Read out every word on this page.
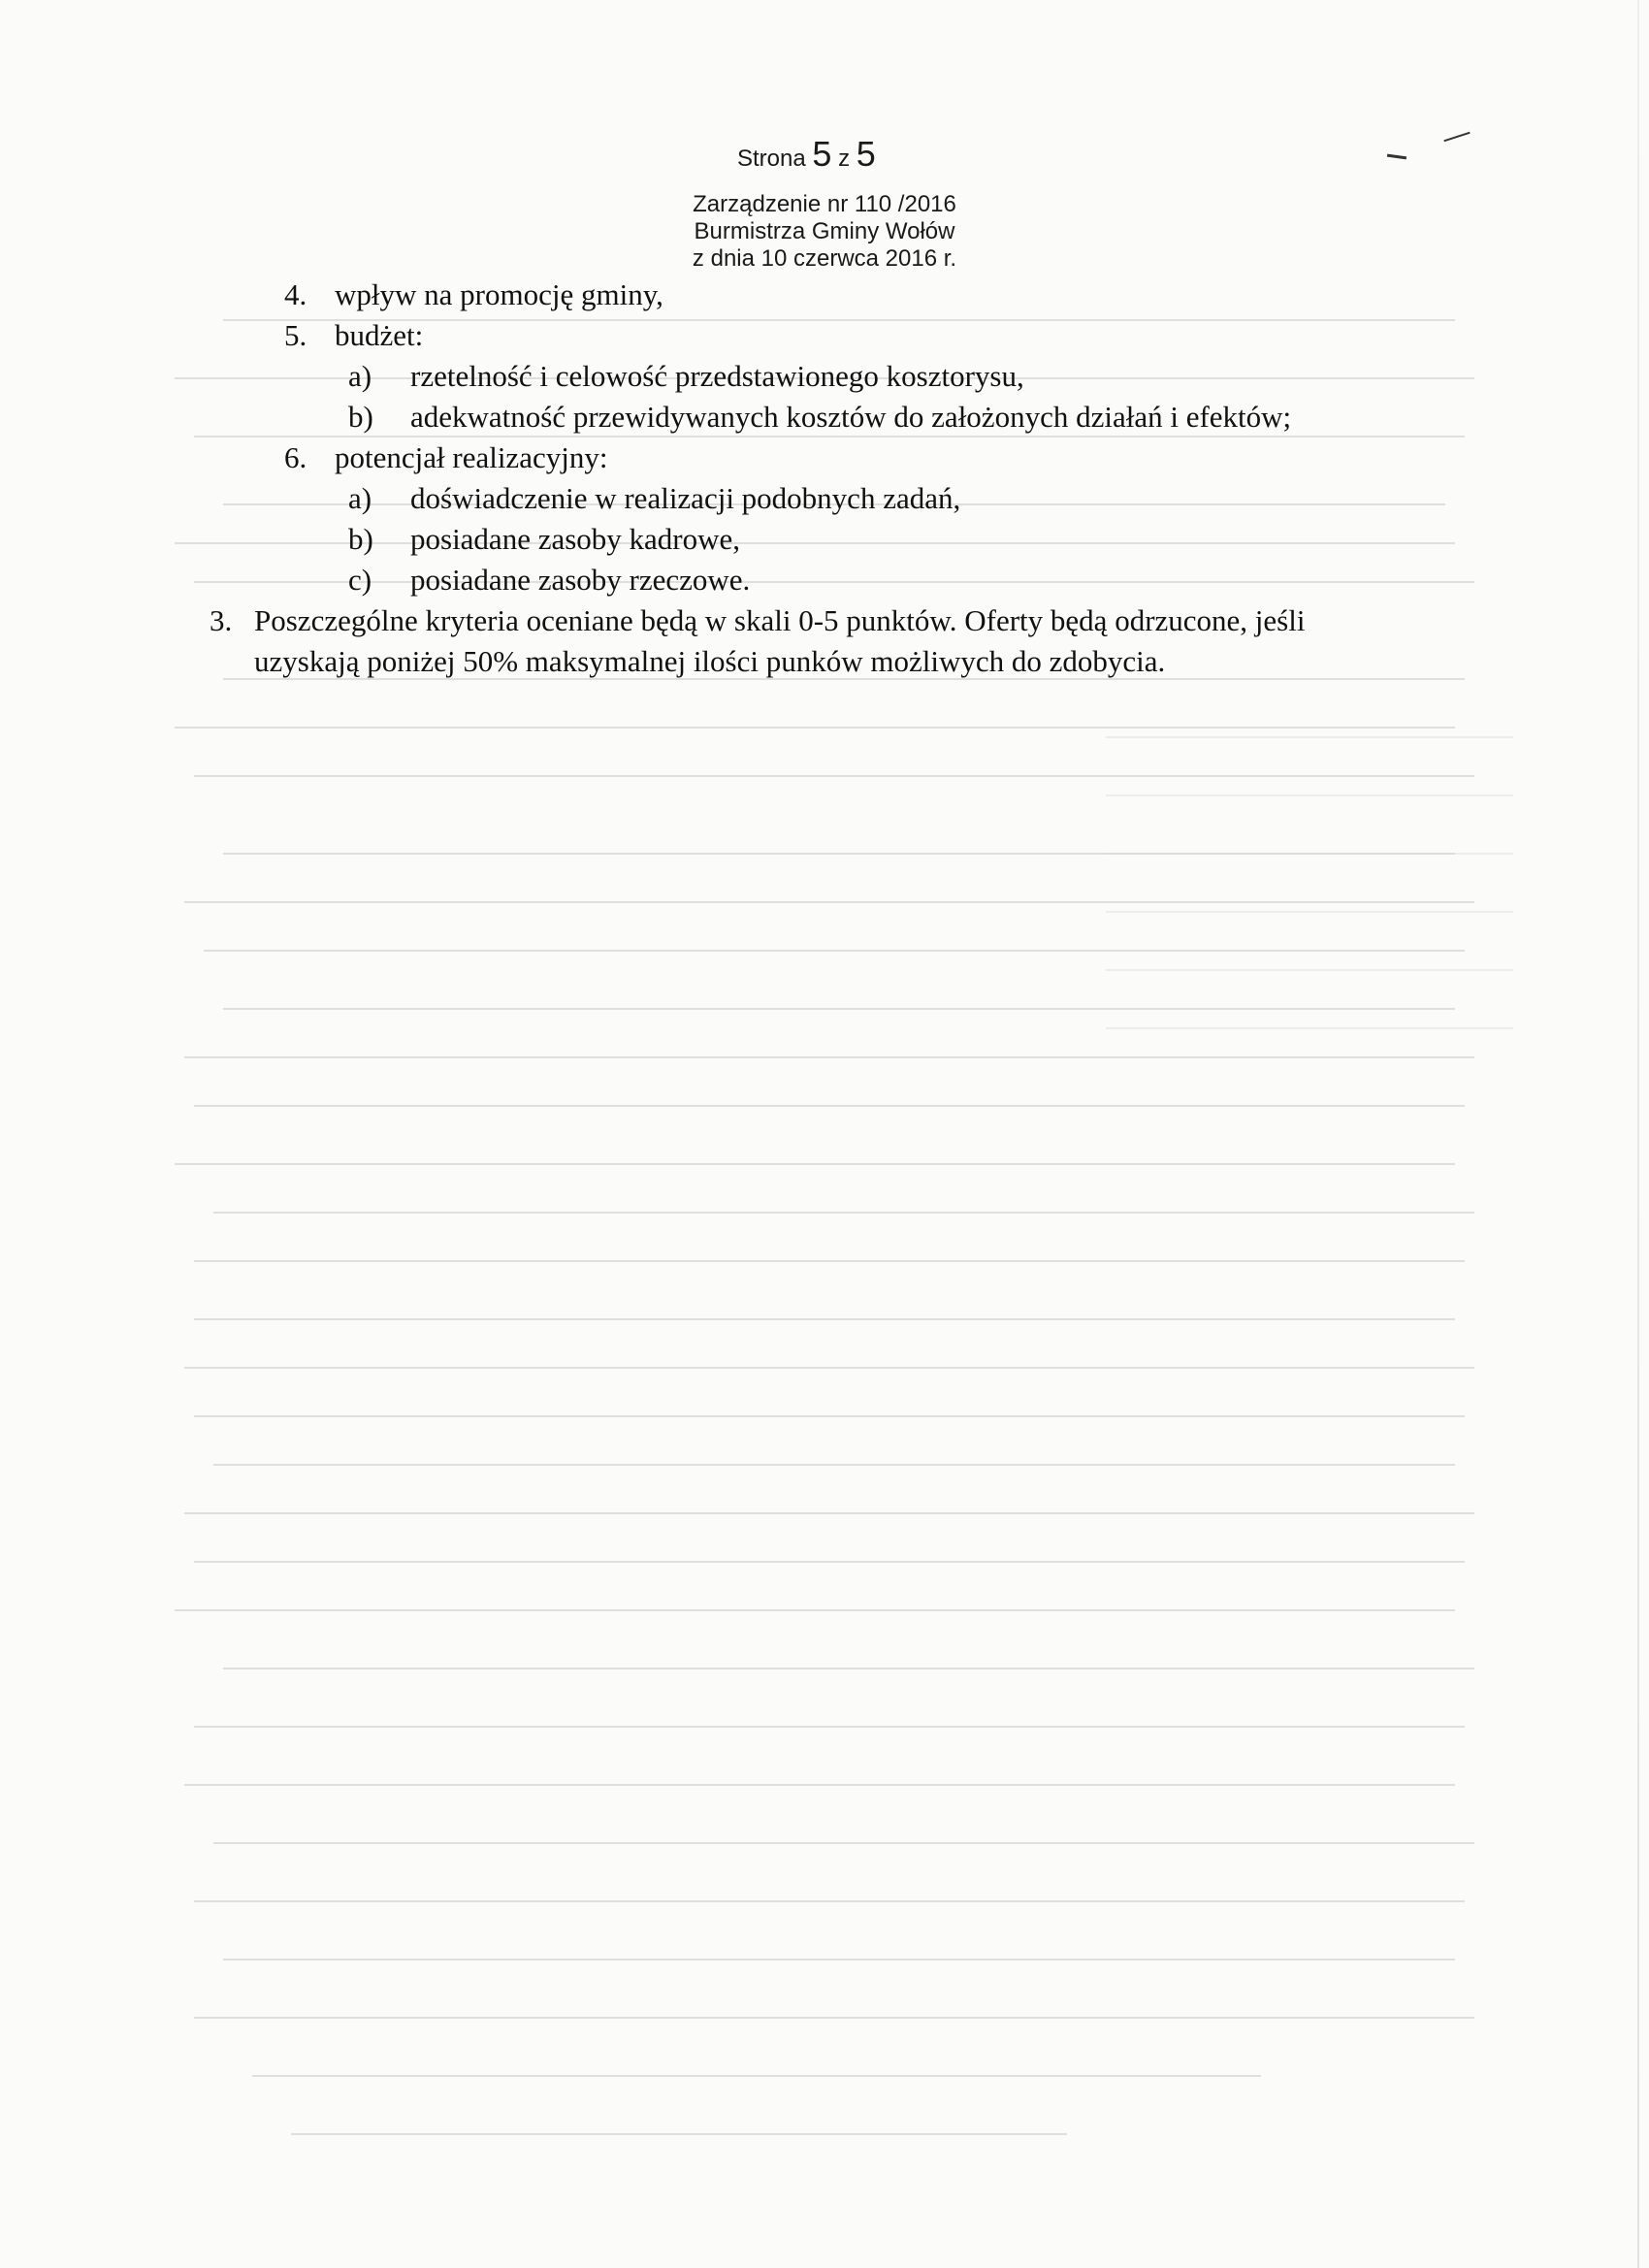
Strona 5 z 5
Zarządzenie nr 110 /2016
Burmistrza Gminy Wołów
z dnia 10 czerwca 2016 r.
4. wpływ na promocję gminy,
5. budżet:
a) rzetelność i celowość przedstawionego kosztorysu,
b) adekwatność przewidywanych kosztów do założonych działań i efektów;
6. potencjał realizacyjny:
a) doświadczenie w realizacji podobnych zadań,
b) posiadane zasoby kadrowe,
c) posiadane zasoby rzeczowe.
3. Poszczególne kryteria oceniane będą w skali 0-5 punktów. Oferty będą odrzucone, jeśli
uzyskają poniżej 50% maksymalnej ilości punków możliwych do zdobycia.
